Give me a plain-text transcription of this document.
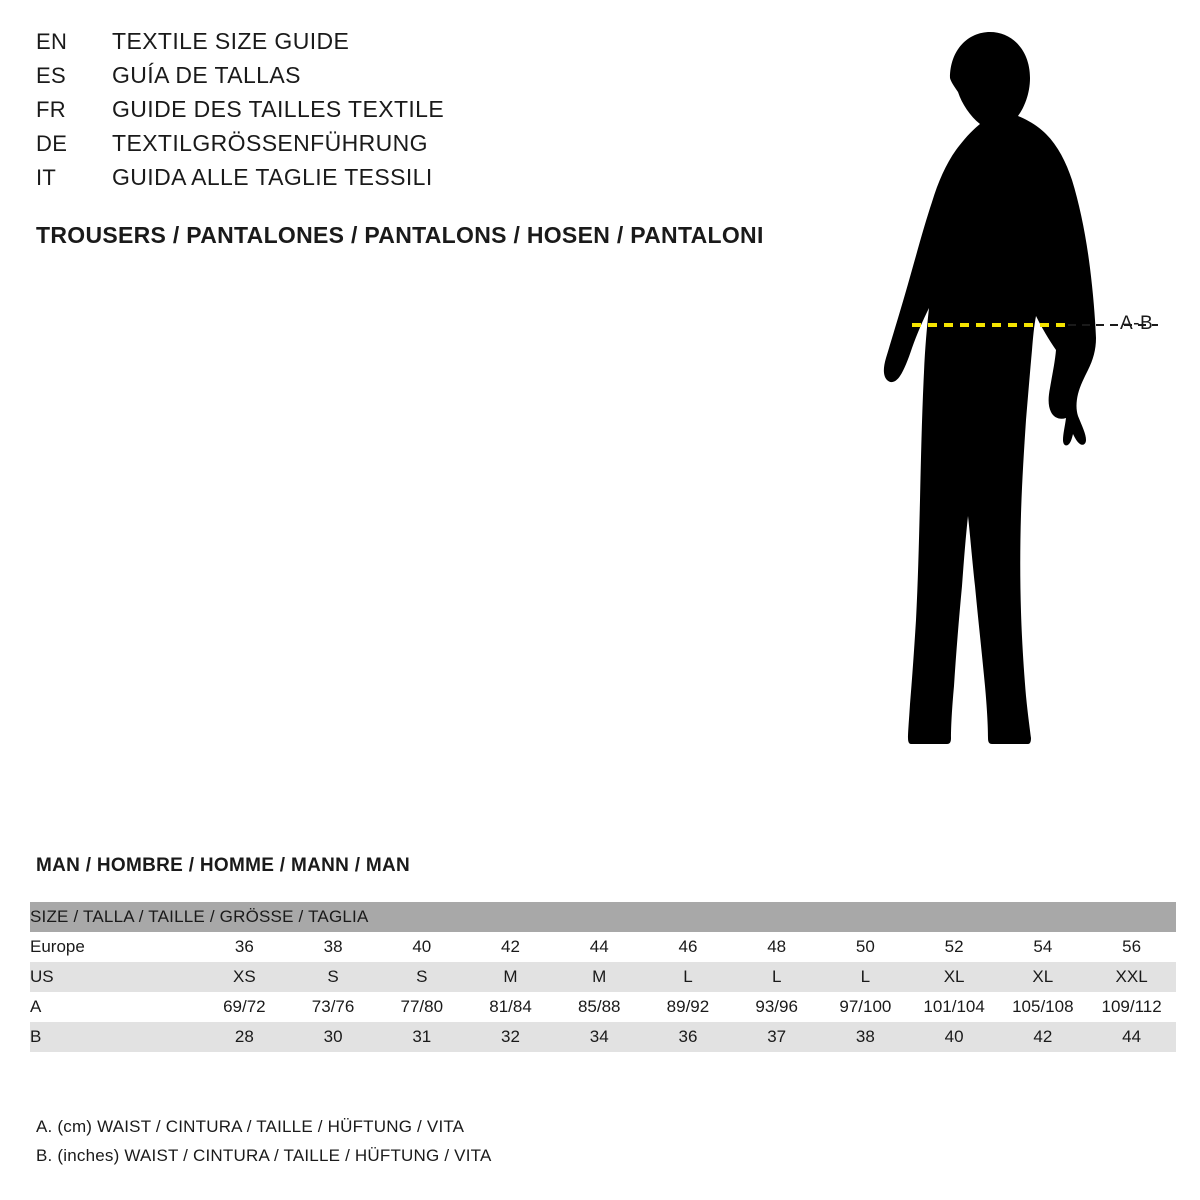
EN	TEXTILE SIZE GUIDE
ES	GUÍA DE TALLAS
FR	GUIDE DES TAILLES TEXTILE
DE	TEXTILGRÖSSENFÜHRUNG
IT	GUIDA ALLE TAGLIE TESSILI
TROUSERS / PANTALONES / PANTALONS / HOSEN / PANTALONI
A-B
MAN / HOMBRE / HOMME / MANN / MAN
SIZE / TALLA / TAILLE / GRÖSSE / TAGLIA											
Europe	36	38	40	42	44	46	48	50	52	54	56
US	XS	S	S	M	M	L	L	L	XL	XL	XXL
A	69/72	73/76	77/80	81/84	85/88	89/92	93/96	97/100	101/104	105/108	109/112
B	28	30	31	32	34	36	37	38	40	42	44
A. (cm) WAIST / CINTURA / TAILLE / HÜFTUNG / VITA
B. (inches) WAIST / CINTURA / TAILLE / HÜFTUNG / VITA
